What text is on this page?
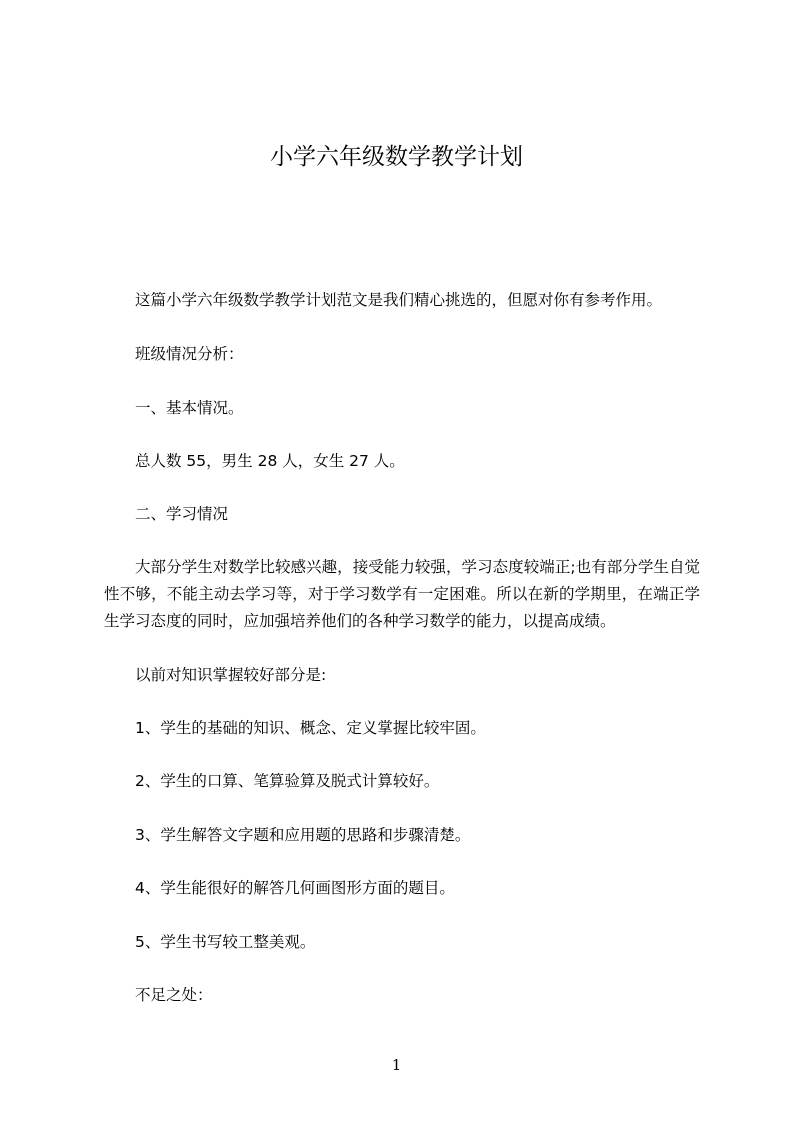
小学六年级数学教学计划

这篇小学六年级数学教学计划范文是我们精心挑选的，但愿对你有参考作用。

班级情况分析：

一、基本情况。

总人数 55，男生 28 人，女生 27 人。

二、学习情况

大部分学生对数学比较感兴趣，接受能力较强，学习态度较端正;也有部分学生自觉性不够，不能主动去学习等，对于学习数学有一定困难。所以在新的学期里，在端正学生学习态度的同时，应加强培养他们的各种学习数学的能力，以提高成绩。

以前对知识掌握较好部分是:

1、学生的基础的知识、概念、定义掌握比较牢固。

2、学生的口算、笔算验算及脱式计算较好。

3、学生解答文字题和应用题的思路和步骤清楚。

4、学生能很好的解答几何画图形方面的题目。

5、学生书写较工整美观。

不足之处：

1
